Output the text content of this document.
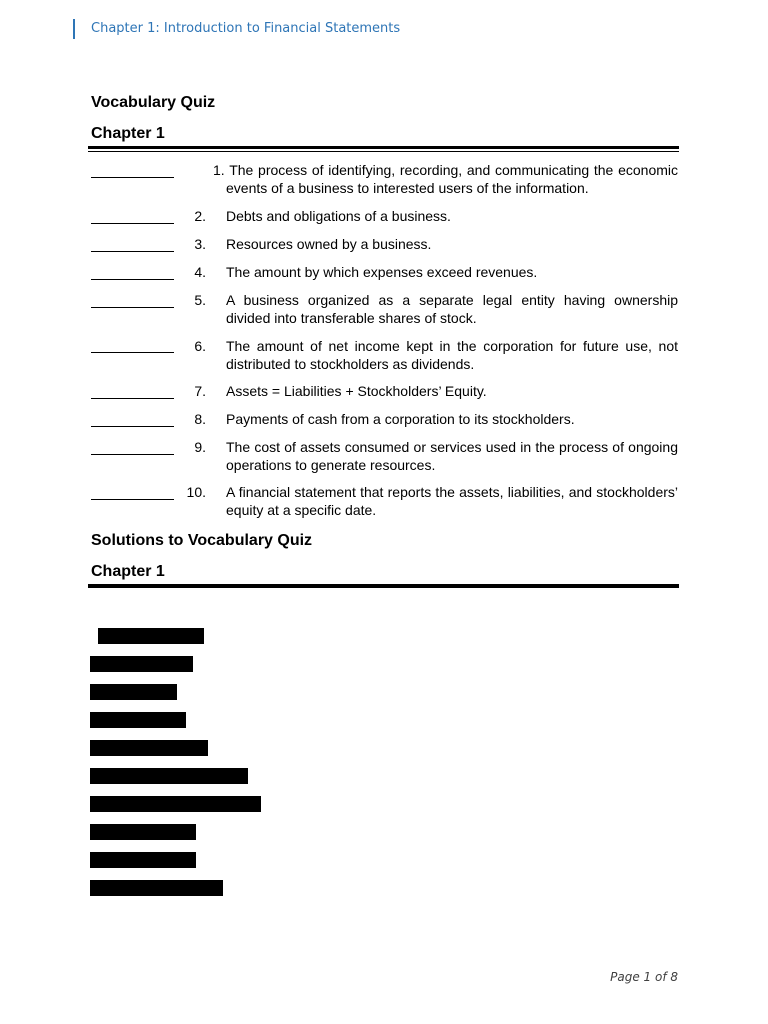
Chapter 1: Introduction to Financial Statements
Vocabulary Quiz
Chapter 1
1. The process of identifying, recording, and communicating the economic events of a business to interested users of the information.
2. Debts and obligations of a business.
3. Resources owned by a business.
4. The amount by which expenses exceed revenues.
5. A business organized as a separate legal entity having ownership divided into transferable shares of stock.
6. The amount of net income kept in the corporation for future use, not distributed to stockholders as dividends.
7. Assets = Liabilities + Stockholders’ Equity.
8. Payments of cash from a corporation to its stockholders.
9. The cost of assets consumed or services used in the process of ongoing operations to generate resources.
10. A financial statement that reports the assets, liabilities, and stockholders’ equity at a specific date.
Solutions to Vocabulary Quiz
Chapter 1
Page 1 of 8
